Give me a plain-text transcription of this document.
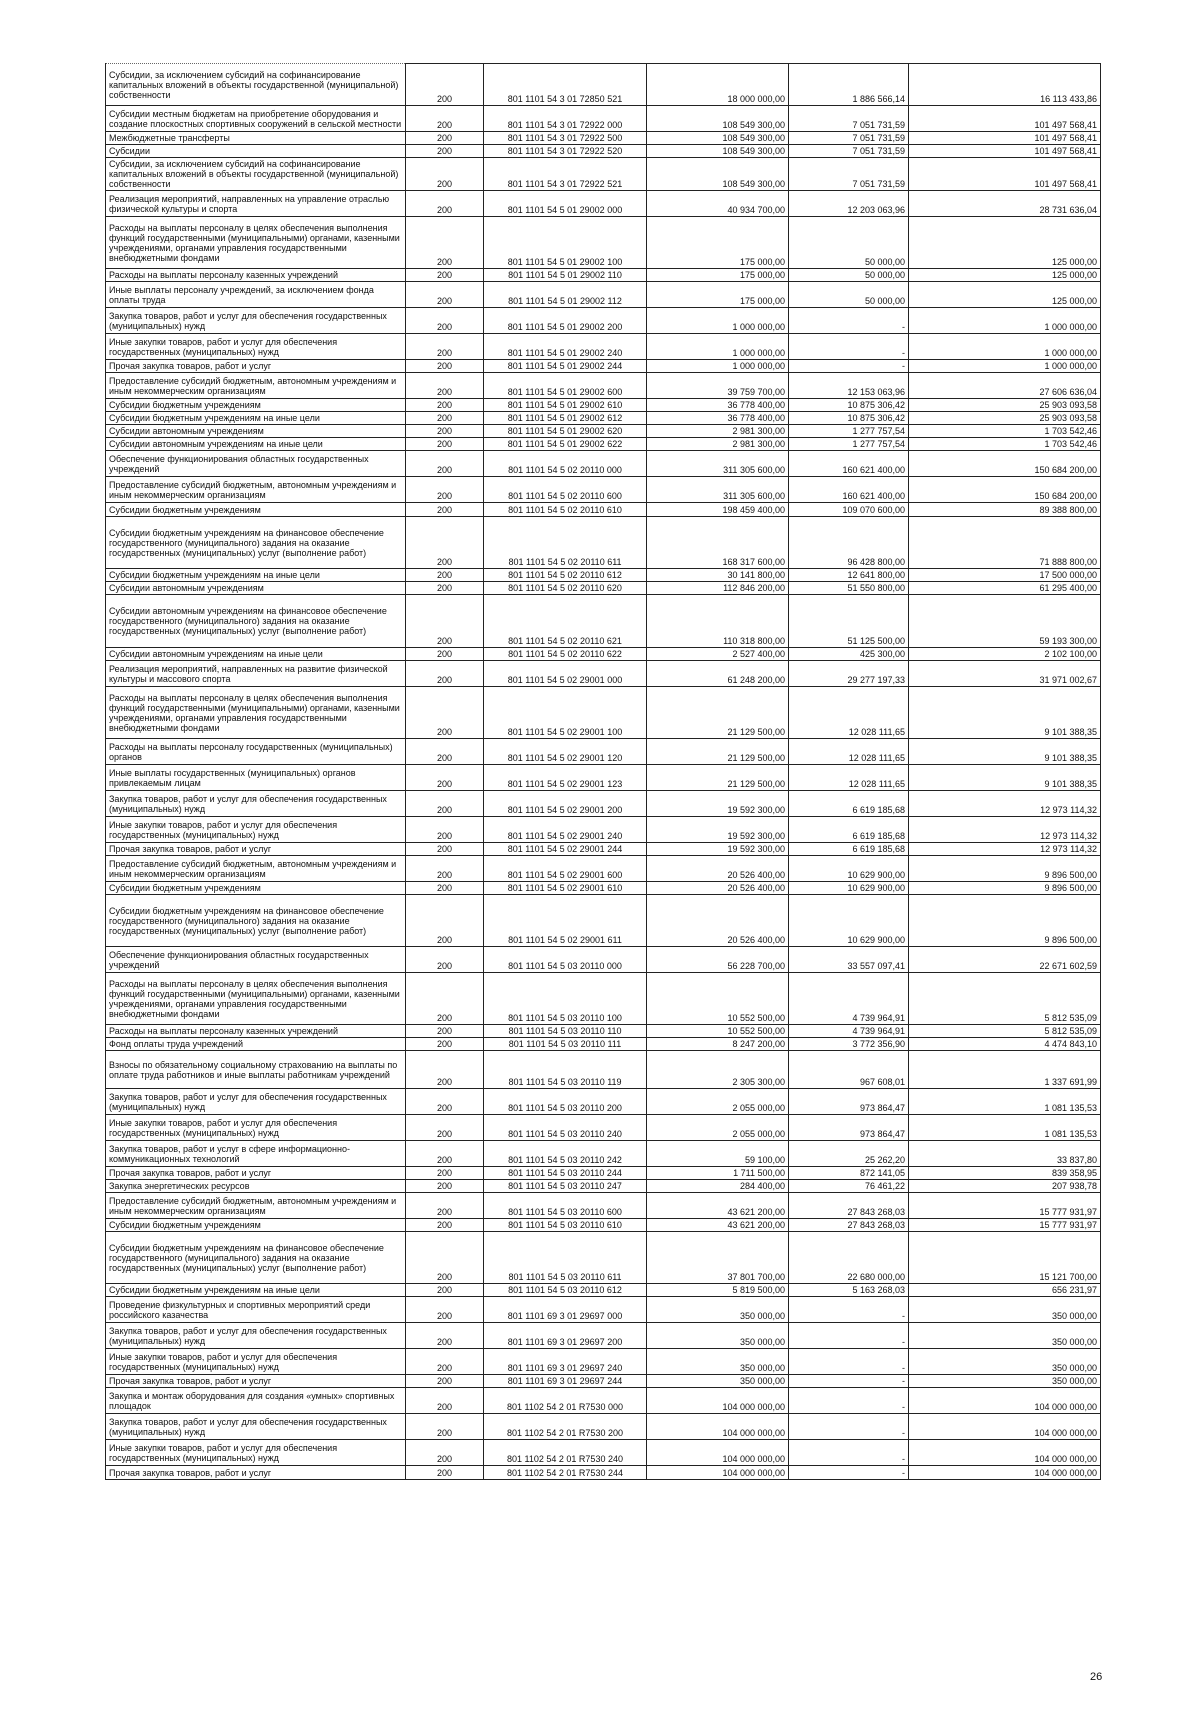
Субсидии, за исключением субсидий на софинансирование капитальных вложений в объекты государственной (муниципальной) собственности	200	801 1101 54 3 01 72850 521	18 000 000,00	1 886 566,14	16 113 433,86
Субсидии местным бюджетам на приобретение оборудования и создание плоскостных спортивных сооружений в сельской местности	200	801 1101 54 3 01 72922 000	108 549 300,00	7 051 731,59	101 497 568,41
Межбюджетные трансферты	200	801 1101 54 3 01 72922 500	108 549 300,00	7 051 731,59	101 497 568,41
Субсидии	200	801 1101 54 3 01 72922 520	108 549 300,00	7 051 731,59	101 497 568,41
Субсидии, за исключением субсидий на софинансирование капитальных вложений в объекты государственной (муниципальной) собственности	200	801 1101 54 3 01 72922 521	108 549 300,00	7 051 731,59	101 497 568,41
Реализация мероприятий, направленных на управление отраслью физической культуры и спорта	200	801 1101 54 5 01 29002 000	40 934 700,00	12 203 063,96	28 731 636,04
Расходы на выплаты персоналу в целях обеспечения выполнения функций государственными (муниципальными) органами, казенными учреждениями, органами управления государственными внебюджетными фондами	200	801 1101 54 5 01 29002 100	175 000,00	50 000,00	125 000,00
Расходы на выплаты персоналу казенных учреждений	200	801 1101 54 5 01 29002 110	175 000,00	50 000,00	125 000,00
Иные выплаты персоналу учреждений, за исключением фонда оплаты труда	200	801 1101 54 5 01 29002 112	175 000,00	50 000,00	125 000,00
Закупка товаров, работ и услуг для обеспечения государственных (муниципальных) нужд	200	801 1101 54 5 01 29002 200	1 000 000,00	-	1 000 000,00
Иные закупки товаров, работ и услуг для обеспечения государственных (муниципальных) нужд	200	801 1101 54 5 01 29002 240	1 000 000,00	-	1 000 000,00
Прочая закупка товаров, работ и услуг	200	801 1101 54 5 01 29002 244	1 000 000,00	-	1 000 000,00
Предоставление субсидий бюджетным, автономным учреждениям и иным некоммерческим организациям	200	801 1101 54 5 01 29002 600	39 759 700,00	12 153 063,96	27 606 636,04
Субсидии бюджетным учреждениям	200	801 1101 54 5 01 29002 610	36 778 400,00	10 875 306,42	25 903 093,58
Субсидии бюджетным учреждениям на иные цели	200	801 1101 54 5 01 29002 612	36 778 400,00	10 875 306,42	25 903 093,58
Субсидии автономным учреждениям	200	801 1101 54 5 01 29002 620	2 981 300,00	1 277 757,54	1 703 542,46
Субсидии автономным учреждениям на иные цели	200	801 1101 54 5 01 29002 622	2 981 300,00	1 277 757,54	1 703 542,46
Обеспечение функционирования областных государственных учреждений	200	801 1101 54 5 02 20110 000	311 305 600,00	160 621 400,00	150 684 200,00
Предоставление субсидий бюджетным, автономным учреждениям и иным некоммерческим организациям	200	801 1101 54 5 02 20110 600	311 305 600,00	160 621 400,00	150 684 200,00
Субсидии бюджетным учреждениям	200	801 1101 54 5 02 20110 610	198 459 400,00	109 070 600,00	89 388 800,00
Субсидии бюджетным учреждениям на финансовое обеспечение государственного (муниципального) задания на оказание государственных (муниципальных) услуг (выполнение работ)	200	801 1101 54 5 02 20110 611	168 317 600,00	96 428 800,00	71 888 800,00
Субсидии бюджетным учреждениям на иные цели	200	801 1101 54 5 02 20110 612	30 141 800,00	12 641 800,00	17 500 000,00
Субсидии автономным учреждениям	200	801 1101 54 5 02 20110 620	112 846 200,00	51 550 800,00	61 295 400,00
Субсидии автономным учреждениям на финансовое обеспечение государственного (муниципального) задания на оказание государственных (муниципальных) услуг (выполнение работ)	200	801 1101 54 5 02 20110 621	110 318 800,00	51 125 500,00	59 193 300,00
Субсидии автономным учреждениям на иные цели	200	801 1101 54 5 02 20110 622	2 527 400,00	425 300,00	2 102 100,00
Реализация мероприятий, направленных на развитие физической культуры и массового спорта	200	801 1101 54 5 02 29001 000	61 248 200,00	29 277 197,33	31 971 002,67
Расходы на выплаты персоналу в целях обеспечения выполнения функций государственными (муниципальными) органами, казенными учреждениями, органами управления государственными внебюджетными фондами	200	801 1101 54 5 02 29001 100	21 129 500,00	12 028 111,65	9 101 388,35
Расходы на выплаты персоналу государственных (муниципальных) органов	200	801 1101 54 5 02 29001 120	21 129 500,00	12 028 111,65	9 101 388,35
Иные выплаты государственных (муниципальных) органов привлекаемым лицам	200	801 1101 54 5 02 29001 123	21 129 500,00	12 028 111,65	9 101 388,35
Закупка товаров, работ и услуг для обеспечения государственных (муниципальных) нужд	200	801 1101 54 5 02 29001 200	19 592 300,00	6 619 185,68	12 973 114,32
Иные закупки товаров, работ и услуг для обеспечения государственных (муниципальных) нужд	200	801 1101 54 5 02 29001 240	19 592 300,00	6 619 185,68	12 973 114,32
Прочая закупка товаров, работ и услуг	200	801 1101 54 5 02 29001 244	19 592 300,00	6 619 185,68	12 973 114,32
Предоставление субсидий бюджетным, автономным учреждениям и иным некоммерческим организациям	200	801 1101 54 5 02 29001 600	20 526 400,00	10 629 900,00	9 896 500,00
Субсидии бюджетным учреждениям	200	801 1101 54 5 02 29001 610	20 526 400,00	10 629 900,00	9 896 500,00
Субсидии бюджетным учреждениям на финансовое обеспечение государственного (муниципального) задания на оказание государственных (муниципальных) услуг (выполнение работ)	200	801 1101 54 5 02 29001 611	20 526 400,00	10 629 900,00	9 896 500,00
Обеспечение функционирования областных государственных учреждений	200	801 1101 54 5 03 20110 000	56 228 700,00	33 557 097,41	22 671 602,59
Расходы на выплаты персоналу в целях обеспечения выполнения функций государственными (муниципальными) органами, казенными учреждениями, органами управления государственными внебюджетными фондами	200	801 1101 54 5 03 20110 100	10 552 500,00	4 739 964,91	5 812 535,09
Расходы на выплаты персоналу казенных учреждений	200	801 1101 54 5 03 20110 110	10 552 500,00	4 739 964,91	5 812 535,09
Фонд оплаты труда учреждений	200	801 1101 54 5 03 20110 111	8 247 200,00	3 772 356,90	4 474 843,10
Взносы по обязательному социальному страхованию на выплаты по оплате труда работников и иные выплаты работникам учреждений	200	801 1101 54 5 03 20110 119	2 305 300,00	967 608,01	1 337 691,99
Закупка товаров, работ и услуг для обеспечения государственных (муниципальных) нужд	200	801 1101 54 5 03 20110 200	2 055 000,00	973 864,47	1 081 135,53
Иные закупки товаров, работ и услуг для обеспечения государственных (муниципальных) нужд	200	801 1101 54 5 03 20110 240	2 055 000,00	973 864,47	1 081 135,53
Закупка товаров, работ и услуг в сфере информационно-коммуникационных технологий	200	801 1101 54 5 03 20110 242	59 100,00	25 262,20	33 837,80
Прочая закупка товаров, работ и услуг	200	801 1101 54 5 03 20110 244	1 711 500,00	872 141,05	839 358,95
Закупка энергетических ресурсов	200	801 1101 54 5 03 20110 247	284 400,00	76 461,22	207 938,78
Предоставление субсидий бюджетным, автономным учреждениям и иным некоммерческим организациям	200	801 1101 54 5 03 20110 600	43 621 200,00	27 843 268,03	15 777 931,97
Субсидии бюджетным учреждениям	200	801 1101 54 5 03 20110 610	43 621 200,00	27 843 268,03	15 777 931,97
Субсидии бюджетным учреждениям на финансовое обеспечение государственного (муниципального) задания на оказание государственных (муниципальных) услуг (выполнение работ)	200	801 1101 54 5 03 20110 611	37 801 700,00	22 680 000,00	15 121 700,00
Субсидии бюджетным учреждениям на иные цели	200	801 1101 54 5 03 20110 612	5 819 500,00	5 163 268,03	656 231,97
Проведение физкультурных и спортивных мероприятий среди российского казачества	200	801 1101 69 3 01 29697 000	350 000,00	-	350 000,00
Закупка товаров, работ и услуг для обеспечения государственных (муниципальных) нужд	200	801 1101 69 3 01 29697 200	350 000,00	-	350 000,00
Иные закупки товаров, работ и услуг для обеспечения государственных (муниципальных) нужд	200	801 1101 69 3 01 29697 240	350 000,00	-	350 000,00
Прочая закупка товаров, работ и услуг	200	801 1101 69 3 01 29697 244	350 000,00	-	350 000,00
Закупка и монтаж оборудования для создания «умных» спортивных площадок	200	801 1102 54 2 01 R7530 000	104 000 000,00	-	104 000 000,00
Закупка товаров, работ и услуг для обеспечения государственных (муниципальных) нужд	200	801 1102 54 2 01 R7530 200	104 000 000,00	-	104 000 000,00
Иные закупки товаров, работ и услуг для обеспечения государственных (муниципальных) нужд	200	801 1102 54 2 01 R7530 240	104 000 000,00	-	104 000 000,00
Прочая закупка товаров, работ и услуг	200	801 1102 54 2 01 R7530 244	104 000 000,00	-	104 000 000,00
26
